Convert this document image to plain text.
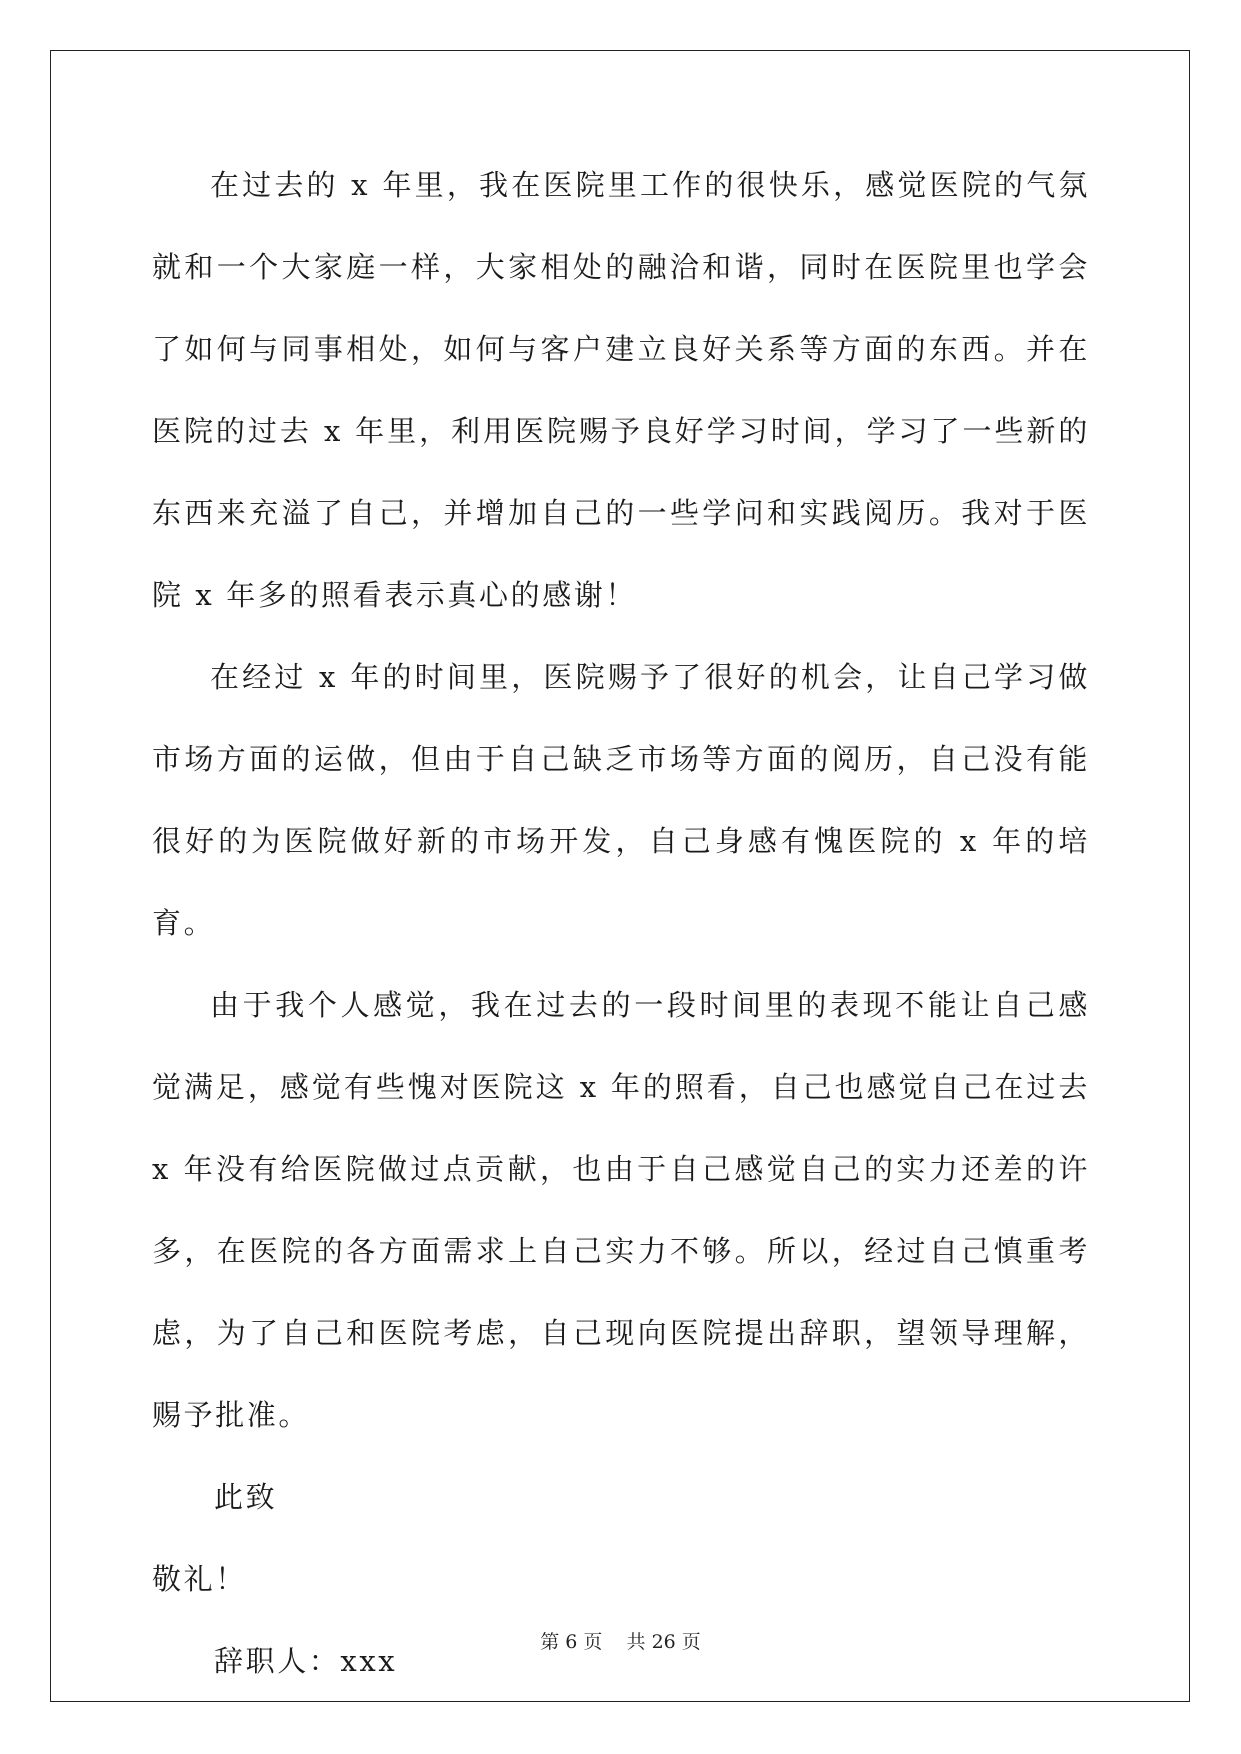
在过去的 x 年里，我在医院里工作的很快乐，感觉医院的气氛就和一个大家庭一样，大家相处的融洽和谐，同时在医院里也学会了如何与同事相处，如何与客户建立良好关系等方面的东西。并在医院的过去 x 年里，利用医院赐予良好学习时间，学习了一些新的东西来充溢了自己，并增加自己的一些学问和实践阅历。我对于医院 x 年多的照看表示真心的感谢！

在经过 x 年的时间里，医院赐予了很好的机会，让自己学习做市场方面的运做，但由于自己缺乏市场等方面的阅历，自己没有能很好的为医院做好新的市场开发，自己身感有愧医院的 x 年的培育。

由于我个人感觉，我在过去的一段时间里的表现不能让自己感觉满足，感觉有些愧对医院这 x 年的照看，自己也感觉自己在过去 x 年没有给医院做过点贡献，也由于自己感觉自己的实力还差的许多，在医院的各方面需求上自己实力不够。所以，经过自己慎重考虑，为了自己和医院考虑，自己现向医院提出辞职，望领导理解，赐予批准。

此致

敬礼！

辞职人：xxx

第 6 页 共 26 页
